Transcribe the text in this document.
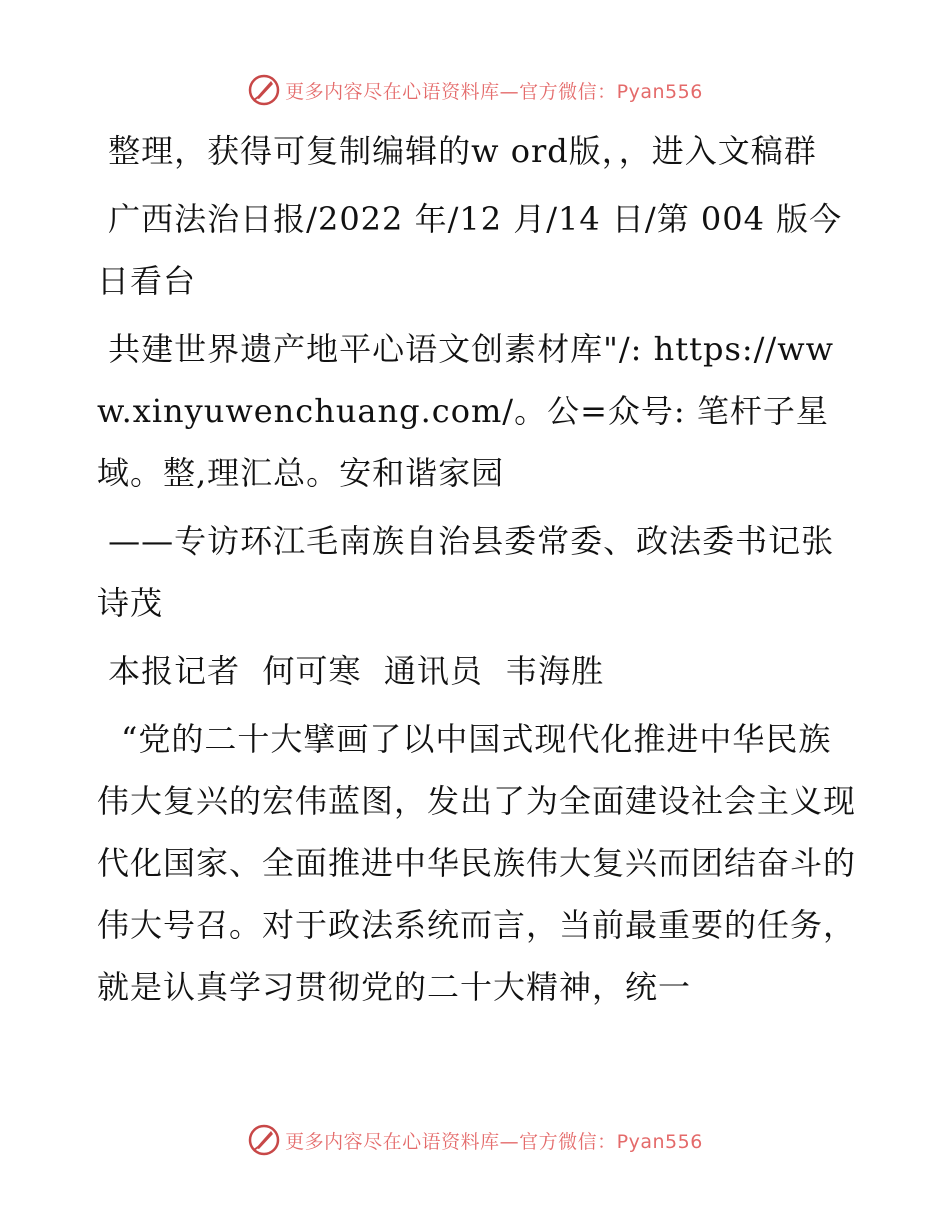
更多内容尽在心语资料库—官方微信：Pyan556

整理，获得可复制编辑的w ord版，，进入文稿群

广西法治日报/2022 年/12 月/14 日/第 004 版今日看台

共建世界遗产地平心语文创素材库"/: https://www.xinyuwenchuang.com/。公=众号: 笔杆子星域。整,理汇总。安和谐家园

——专访环江毛南族自治县委常委、政法委书记张诗茂

本报记者  何可寒  通讯员  韦海胜

“党的二十大擘画了以中国式现代化推进中华民族伟大复兴的宏伟蓝图，发出了为全面建设社会主义现代化国家、全面推进中华民族伟大复兴而团结奋斗的伟大号召。对于政法系统而言，当前最重要的任务，就是认真学习贯彻党的二十大精神，统一

更多内容尽在心语资料库—官方微信：Pyan556
